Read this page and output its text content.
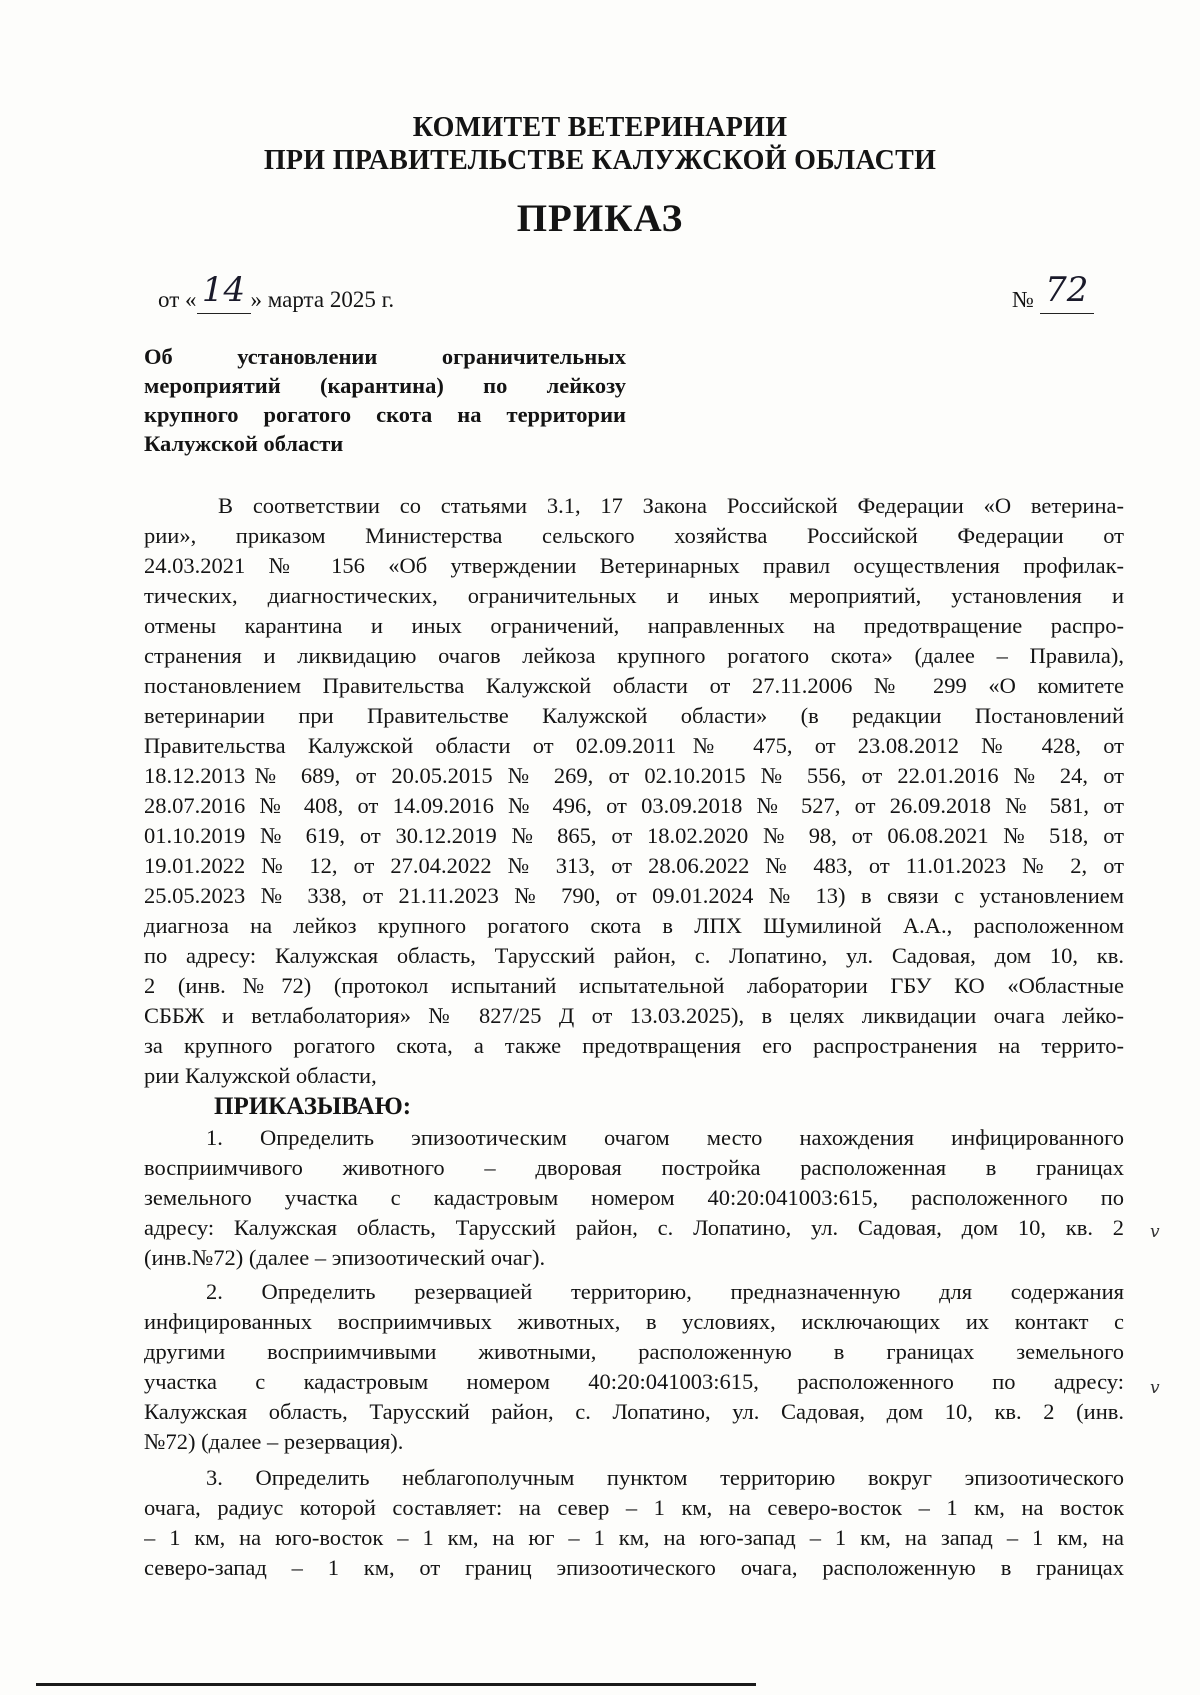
КОМИТЕТ ВЕТЕРИНАРИИ
ПРИ ПРАВИТЕЛЬСТВЕ КАЛУЖСКОЙ ОБЛАСТИ
ПРИКАЗ
от « 14 » марта 2025 г.	№ 72
Об установлении ограничительных
мероприятий (карантина) по лейкозу
крупного рогатого скота на территории
Калужской области
В соответствии со статьями 3.1, 17 Закона Российской Федерации «О ветерина-
рии», приказом Министерства сельского хозяйства Российской Федерации от
24.03.2021 № 156 «Об утверждении Ветеринарных правил осуществления профилак-
тических, диагностических, ограничительных и иных мероприятий, установления и
отмены карантина и иных ограничений, направленных на предотвращение распро-
странения и ликвидацию очагов лейкоза крупного рогатого скота» (далее – Правила),
постановлением Правительства Калужской области от 27.11.2006 № 299 «О комитете
ветеринарии при Правительстве Калужской области» (в редакции Постановлений
Правительства Калужской области от 02.09.2011№ 475, от 23.08.2012 № 428, от
18.12.2013№ 689, от 20.05.2015 № 269, от 02.10.2015 № 556, от 22.01.2016 № 24, от
28.07.2016 № 408, от 14.09.2016 № 496, от 03.09.2018 № 527, от 26.09.2018 № 581, от
01.10.2019 № 619, от 30.12.2019 № 865, от 18.02.2020 № 98, от 06.08.2021 № 518, от
19.01.2022 № 12, от 27.04.2022 № 313, от 28.06.2022 № 483, от 11.01.2023 № 2, от
25.05.2023 № 338, от 21.11.2023 № 790, от 09.01.2024 № 13) в связи с установлением
диагноза на лейкоз крупного рогатого скота в ЛПХ Шумилиной А.А., расположенном
по адресу: Калужская область, Тарусский район, с. Лопатино, ул. Садовая, дом 10, кв.
2 (инв.№72) (протокол испытаний испытательной лаборатории ГБУ КО «Областные
СББЖ и ветлаболатория» № 827/25 Д от 13.03.2025), в целях ликвидации очага лейко-
за крупного рогатого скота, а также предотвращения его распространения на террито-
рии Калужской области,
ПРИКАЗЫВАЮ:
1. Определить эпизоотическим очагом место нахождения инфицированного
восприимчивого животного – дворовая постройка расположенная в границах
земельного участка с кадастровым номером 40:20:041003:615, расположенного по
адресу: Калужская область, Тарусский район, с. Лопатино, ул. Садовая, дом 10, кв. 2
(инв.№72) (далее – эпизоотический очаг).
2. Определить резервацией территорию, предназначенную для содержания
инфицированных восприимчивых животных, в условиях, исключающих их контакт с
другими восприимчивыми животными, расположенную в границах земельного
участка с кадастровым номером 40:20:041003:615, расположенного по адресу:
Калужская область, Тарусский район, с. Лопатино, ул. Садовая, дом 10, кв. 2 (инв.
№72) (далее – резервация).
3. Определить неблагополучным пунктом территорию вокруг эпизоотического
очага, радиус которой составляет: на север – 1 км, на северо-восток – 1 км, на восток
– 1 км, на юго-восток – 1 км, на юг – 1 км, на юго-запад – 1 км, на запад – 1 км, на
северо-запад – 1 км, от границ эпизоотического очага, расположенную в границах
v
v
